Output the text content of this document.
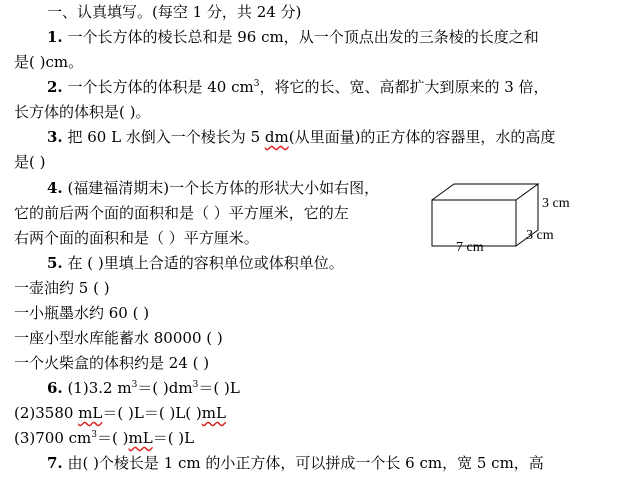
一、认真填写。(每空 1 分，共 24 分)
1. 一个长方体的棱长总和是 96 cm，从一个顶点出发的三条棱的长度之和
是( )cm。
2. 一个长方体的体积是 40 $cm^3$，将它的长、宽、高都扩大到原来的 3 倍，
长方体的体积是( )。
3. 把 60 L 水倒入一个棱长为 5 dm(从里面量)的正方体的容器里，水的高度
是( )
4. (福建福清期末)一个长方体的形状大小如右图，
它的前后两个面的面积和是（ ）平方厘米，它的左
右两个面的面积和是（ ）平方厘米。
3 cm
3 cm
7 cm
5. 在 ( )里填上合适的容积单位或体积单位。
一壶油约 5 ( )
一小瓶墨水约 60 ( )
一座小型水库能蓄水 80000 ( )
一个火柴盒的体积约是 24 ( )
6. (1)3.2 $m^3=$( )$dm^3=$( )L
(2)3580 mL＝( )L＝( )L( )mL
(3)700 $cm^3=$( )mL＝( )L
7. 由( )个棱长是 1 cm 的小正方体，可以拼成一个长 6 cm，宽 5 cm，高
